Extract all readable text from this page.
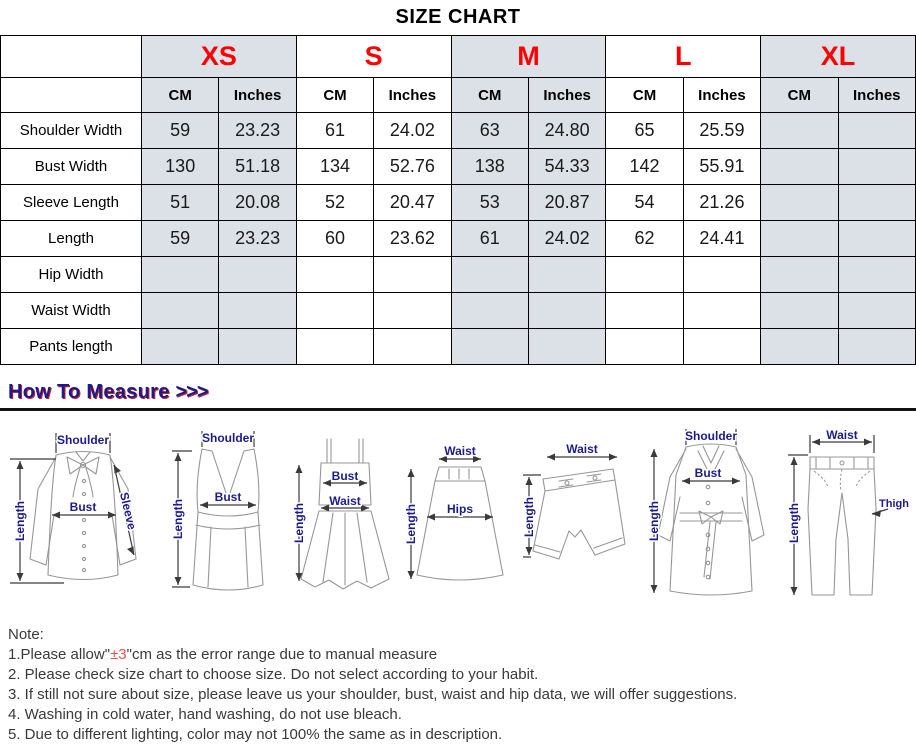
SIZE CHART
	XS		S		M		L		XL	
	CM	Inches	CM	Inches	CM	Inches	CM	Inches	CM	Inches
Shoulder Width	59	23.23	61	24.02	63	24.80	65	25.59		
Bust Width	130	51.18	134	52.76	138	54.33	142	55.91		
Sleeve Length	51	20.08	52	20.47	53	20.87	54	21.26		
Length	59	23.23	60	23.62	61	24.02	62	24.41		
Hip Width										
Waist Width										
Pants length										
How To Measure >>>
Shoulder
Bust
Length	Sleeve
Shoulder
Bust
Length
Bust
Waist
Length
Waist
Hips
Length
Waist
Length
Shoulder
Bust
Length
Waist
Length	Thigh
Note:
1.Please allow"±3"cm as the error range due to manual measure
2. Please check size chart to choose size. Do not select according to your habit.
3. If still not sure about size, please leave us your shoulder, bust, waist and hip data, we will offer suggestions.
4. Washing in cold water, hand washing, do not use bleach.
5. Due to different lighting, color may not 100% the same as in description.
